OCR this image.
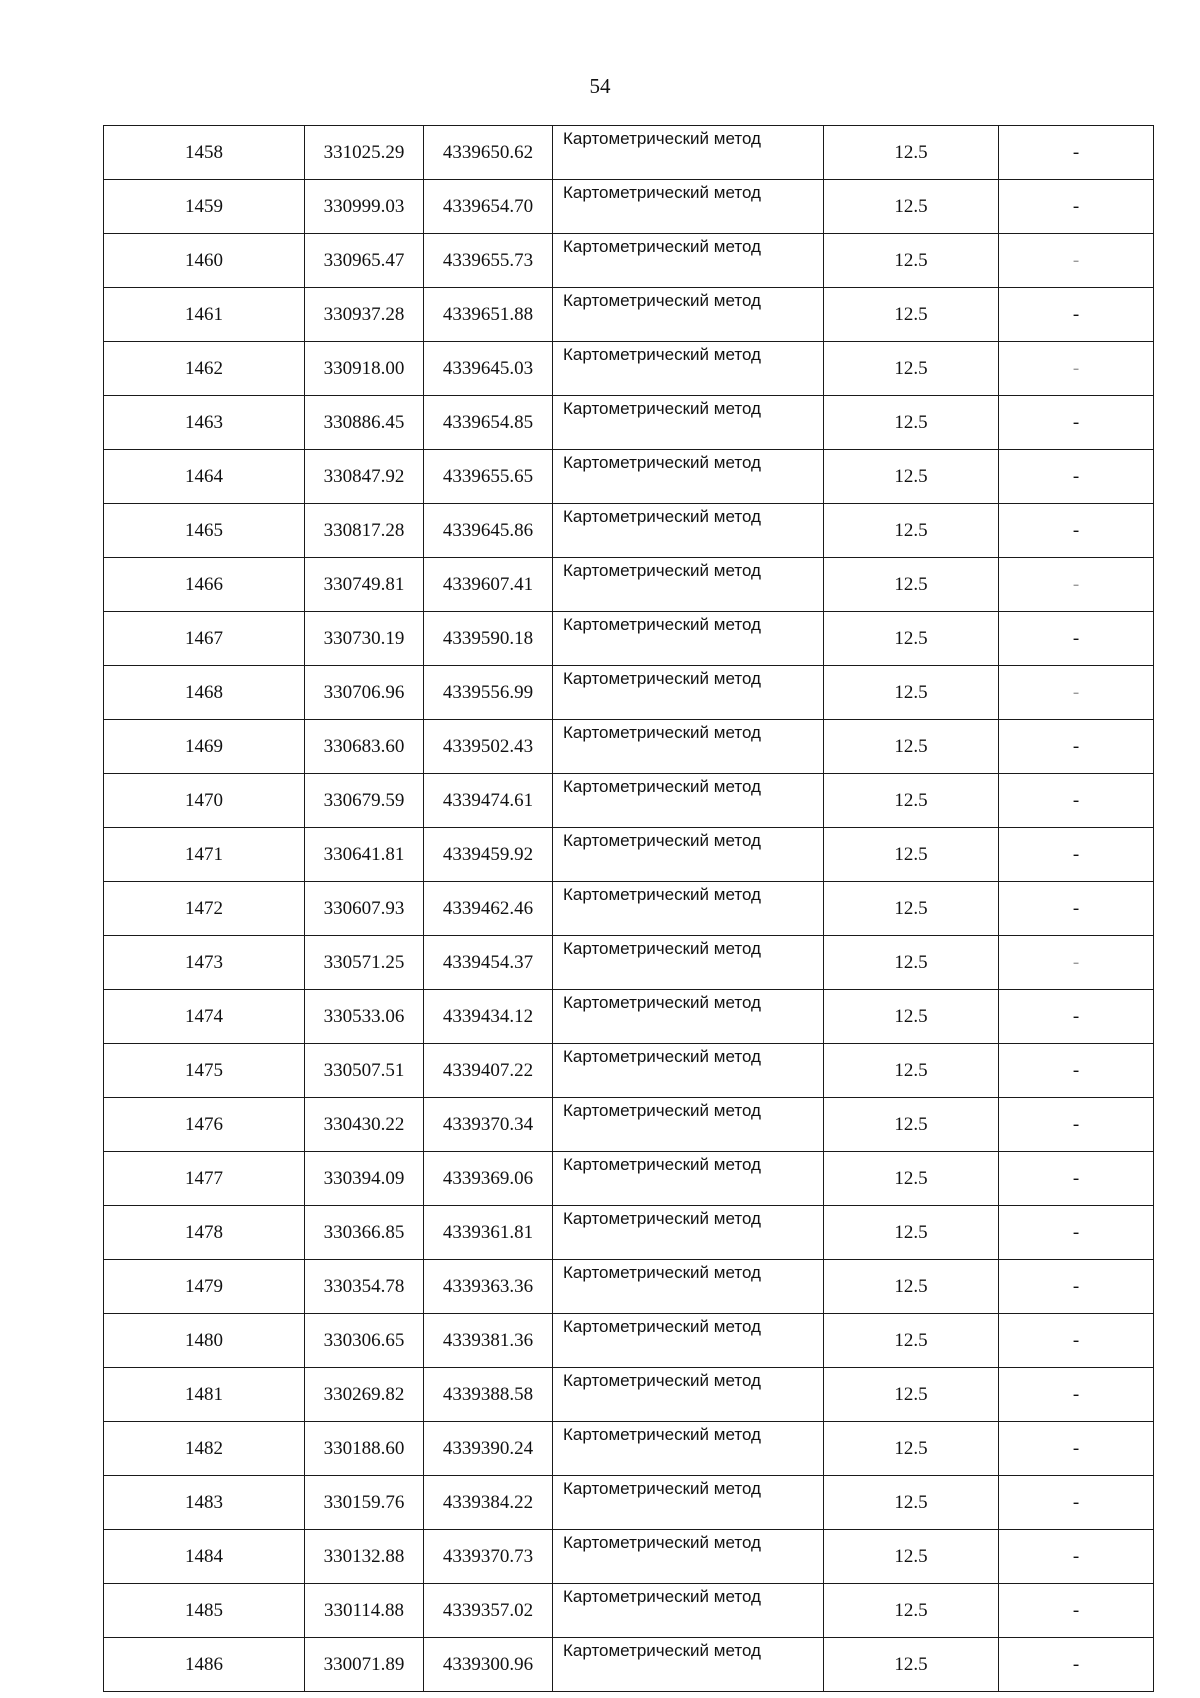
54
1458	331025.29	4339650.62	Картометрический метод	12.5	-
1459	330999.03	4339654.70	Картометрический метод	12.5	-
1460	330965.47	4339655.73	Картометрический метод	12.5	-
1461	330937.28	4339651.88	Картометрический метод	12.5	-
1462	330918.00	4339645.03	Картометрический метод	12.5	-
1463	330886.45	4339654.85	Картометрический метод	12.5	-
1464	330847.92	4339655.65	Картометрический метод	12.5	-
1465	330817.28	4339645.86	Картометрический метод	12.5	-
1466	330749.81	4339607.41	Картометрический метод	12.5	-
1467	330730.19	4339590.18	Картометрический метод	12.5	-
1468	330706.96	4339556.99	Картометрический метод	12.5	-
1469	330683.60	4339502.43	Картометрический метод	12.5	-
1470	330679.59	4339474.61	Картометрический метод	12.5	-
1471	330641.81	4339459.92	Картометрический метод	12.5	-
1472	330607.93	4339462.46	Картометрический метод	12.5	-
1473	330571.25	4339454.37	Картометрический метод	12.5	-
1474	330533.06	4339434.12	Картометрический метод	12.5	-
1475	330507.51	4339407.22	Картометрический метод	12.5	-
1476	330430.22	4339370.34	Картометрический метод	12.5	-
1477	330394.09	4339369.06	Картометрический метод	12.5	-
1478	330366.85	4339361.81	Картометрический метод	12.5	-
1479	330354.78	4339363.36	Картометрический метод	12.5	-
1480	330306.65	4339381.36	Картометрический метод	12.5	-
1481	330269.82	4339388.58	Картометрический метод	12.5	-
1482	330188.60	4339390.24	Картометрический метод	12.5	-
1483	330159.76	4339384.22	Картометрический метод	12.5	-
1484	330132.88	4339370.73	Картометрический метод	12.5	-
1485	330114.88	4339357.02	Картометрический метод	12.5	-
1486	330071.89	4339300.96	Картометрический метод	12.5	-
